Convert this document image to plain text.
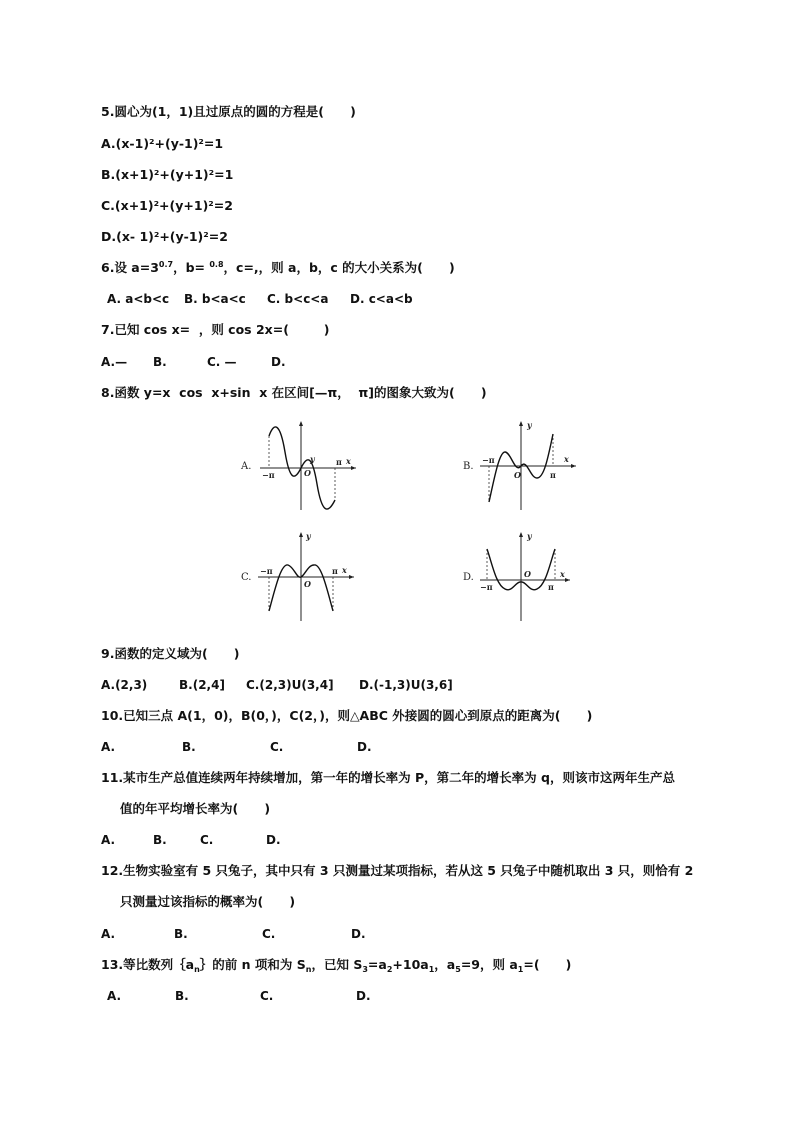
5.圆心为(1，1)且过原点的圆的方程是(      )
A.(x-1)²+(y-1)²=1
B.(x+1)²+(y+1)²=1
C.(x+1)²+(y+1)²=2
D.(x- 1)²+(y-1)²=2
6.设 $a=3^{0.7}$，b= $^{0.8}$，c=,，则 a，b，c 的大小关系为(      )
A. a<b<c B. b<a<c C. b<c<a D. c<a<b
7.已知 cos x=  ，则 cos 2x=(        )
A.— B.	C. —	D.
8.函数 y=x  cos  x+sin  x 在区间[—π，  π]的图象大致为(      )
A.
y
O
−π
π x	B.
y
O
−π
π
x
C.
y
O
−π	π x
D.
y
O
−π	π
x
9.函数的定义域为(      )
A.(2,3)	B.(2,4] C.(2,3)U(3,4] D.(-1,3)U(3,6]
10.已知三点 A(1，0)，B(0，)，C(2，)，则△ABC 外接圆的圆心到原点的距离为(      )
A.	B.	C.	D.
11.某市生产总值连续两年持续增加，第一年的增长率为 P，第二年的增长率为 q，则该市这两年生产总
值的年平均增长率为(      )
A.	B.	C.	D.
12.生物实验室有 5 只兔子，其中只有 3 只测量过某项指标，若从这 5 只兔子中随机取出 3 只，则恰有 2
只测量过该指标的概率为(      )
A.	B.	C.	D.
13.等比数列$\{a_n\}$的前 n 项和为 $S_n$，已知 $S_3=a_2+10a_1$，$a_5=9$，则 $a_1=$(      )
A.	B.	C.	D.
